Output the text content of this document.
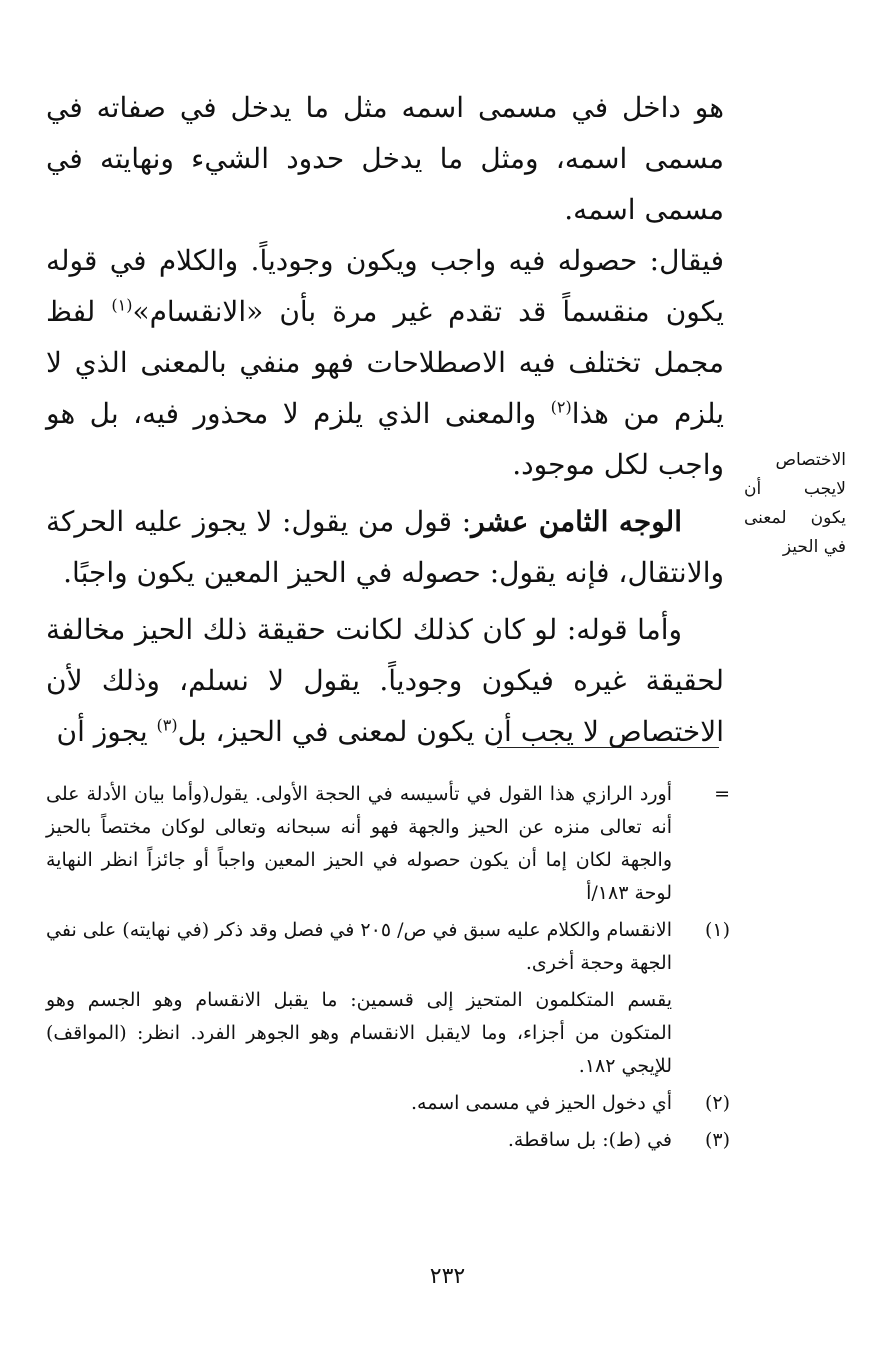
هو داخل في مسمى اسمه مثل ما يدخل في صفاته في مسمى اسمه، ومثل ما يدخل حدود الشيء ونهايته في مسمى اسمه.

فيقال: حصوله فيه واجب ويكون وجودياً. والكلام في قوله يكون منقسماً قد تقدم غير مرة بأن «الانقسام»$^{(١)}$ لفظ مجمل تختلف فيه الاصطلاحات فهو منفي بالمعنى الذي لا يلزم من هذا$^{(٢)}$ والمعنى الذي يلزم لا محذور فيه، بل هو واجب لكل موجود.

الوجه الثامن عشر: قول من يقول: لا يجوز عليه الحركة والانتقال، فإنه يقول: حصوله في الحيز المعين يكون واجبًا.

وأما قوله: لو كان كذلك لكانت حقيقة ذلك الحيز مخالفة لحقيقة غيره فيكون وجودياً. يقول لا نسلم، وذلك لأن الاختصاص لا يجب أن يكون لمعنى في الحيز، بل$^{(٣)}$ يجوز أن

الاختصاص لايجب أن يكون لمعنى في الحيز
=
أورد الرازي هذا القول في تأسيسه في الحجة الأولى. يقول(وأما بيان الأدلة على أنه تعالى منزه عن الحيز والجهة فهو أنه سبحانه وتعالى لوكان مختصاً بالحيز والجهة لكان إما أن يكون حصوله في الحيز المعين واجباً أو جائزاً انظر النهاية لوحة ١٨٣/أ
(١)
الانقسام والكلام عليه سبق في ص/ ٢٠٥ في فصل وقد ذكر (في نهايته) على نفي الجهة وحجة أخرى.
يقسم المتكلمون المتحيز إلى قسمين: ما يقبل الانقسام وهو الجسم وهو المتكون من أجزاء، وما لايقبل الانقسام وهو الجوهر الفرد. انظر: (المواقف) للإيجي ١٨٢.
(٢)
أي دخول الحيز في مسمى اسمه.
(٣)
في (ط): بل ساقطة.
٢٣٢
